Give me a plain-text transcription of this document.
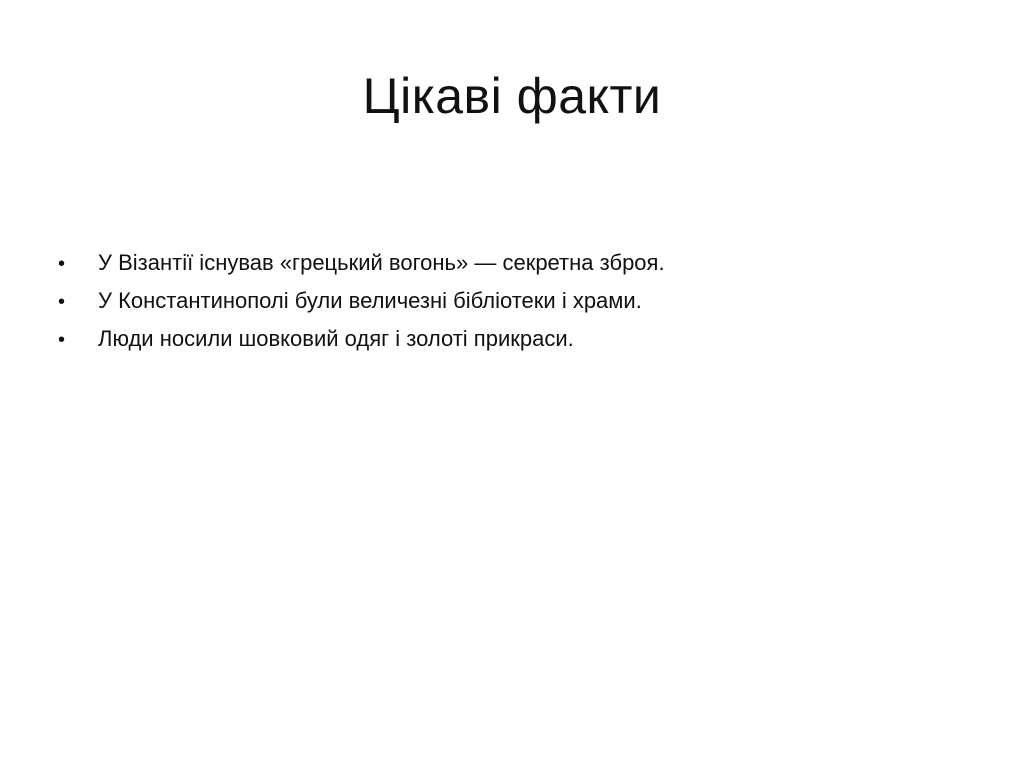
Цікаві факти
•	У Візантії існував «грецький вогонь» — секретна зброя.
•	У Константинополі були величезні бібліотеки і храми.
•	Люди носили шовковий одяг і золоті прикраси.
